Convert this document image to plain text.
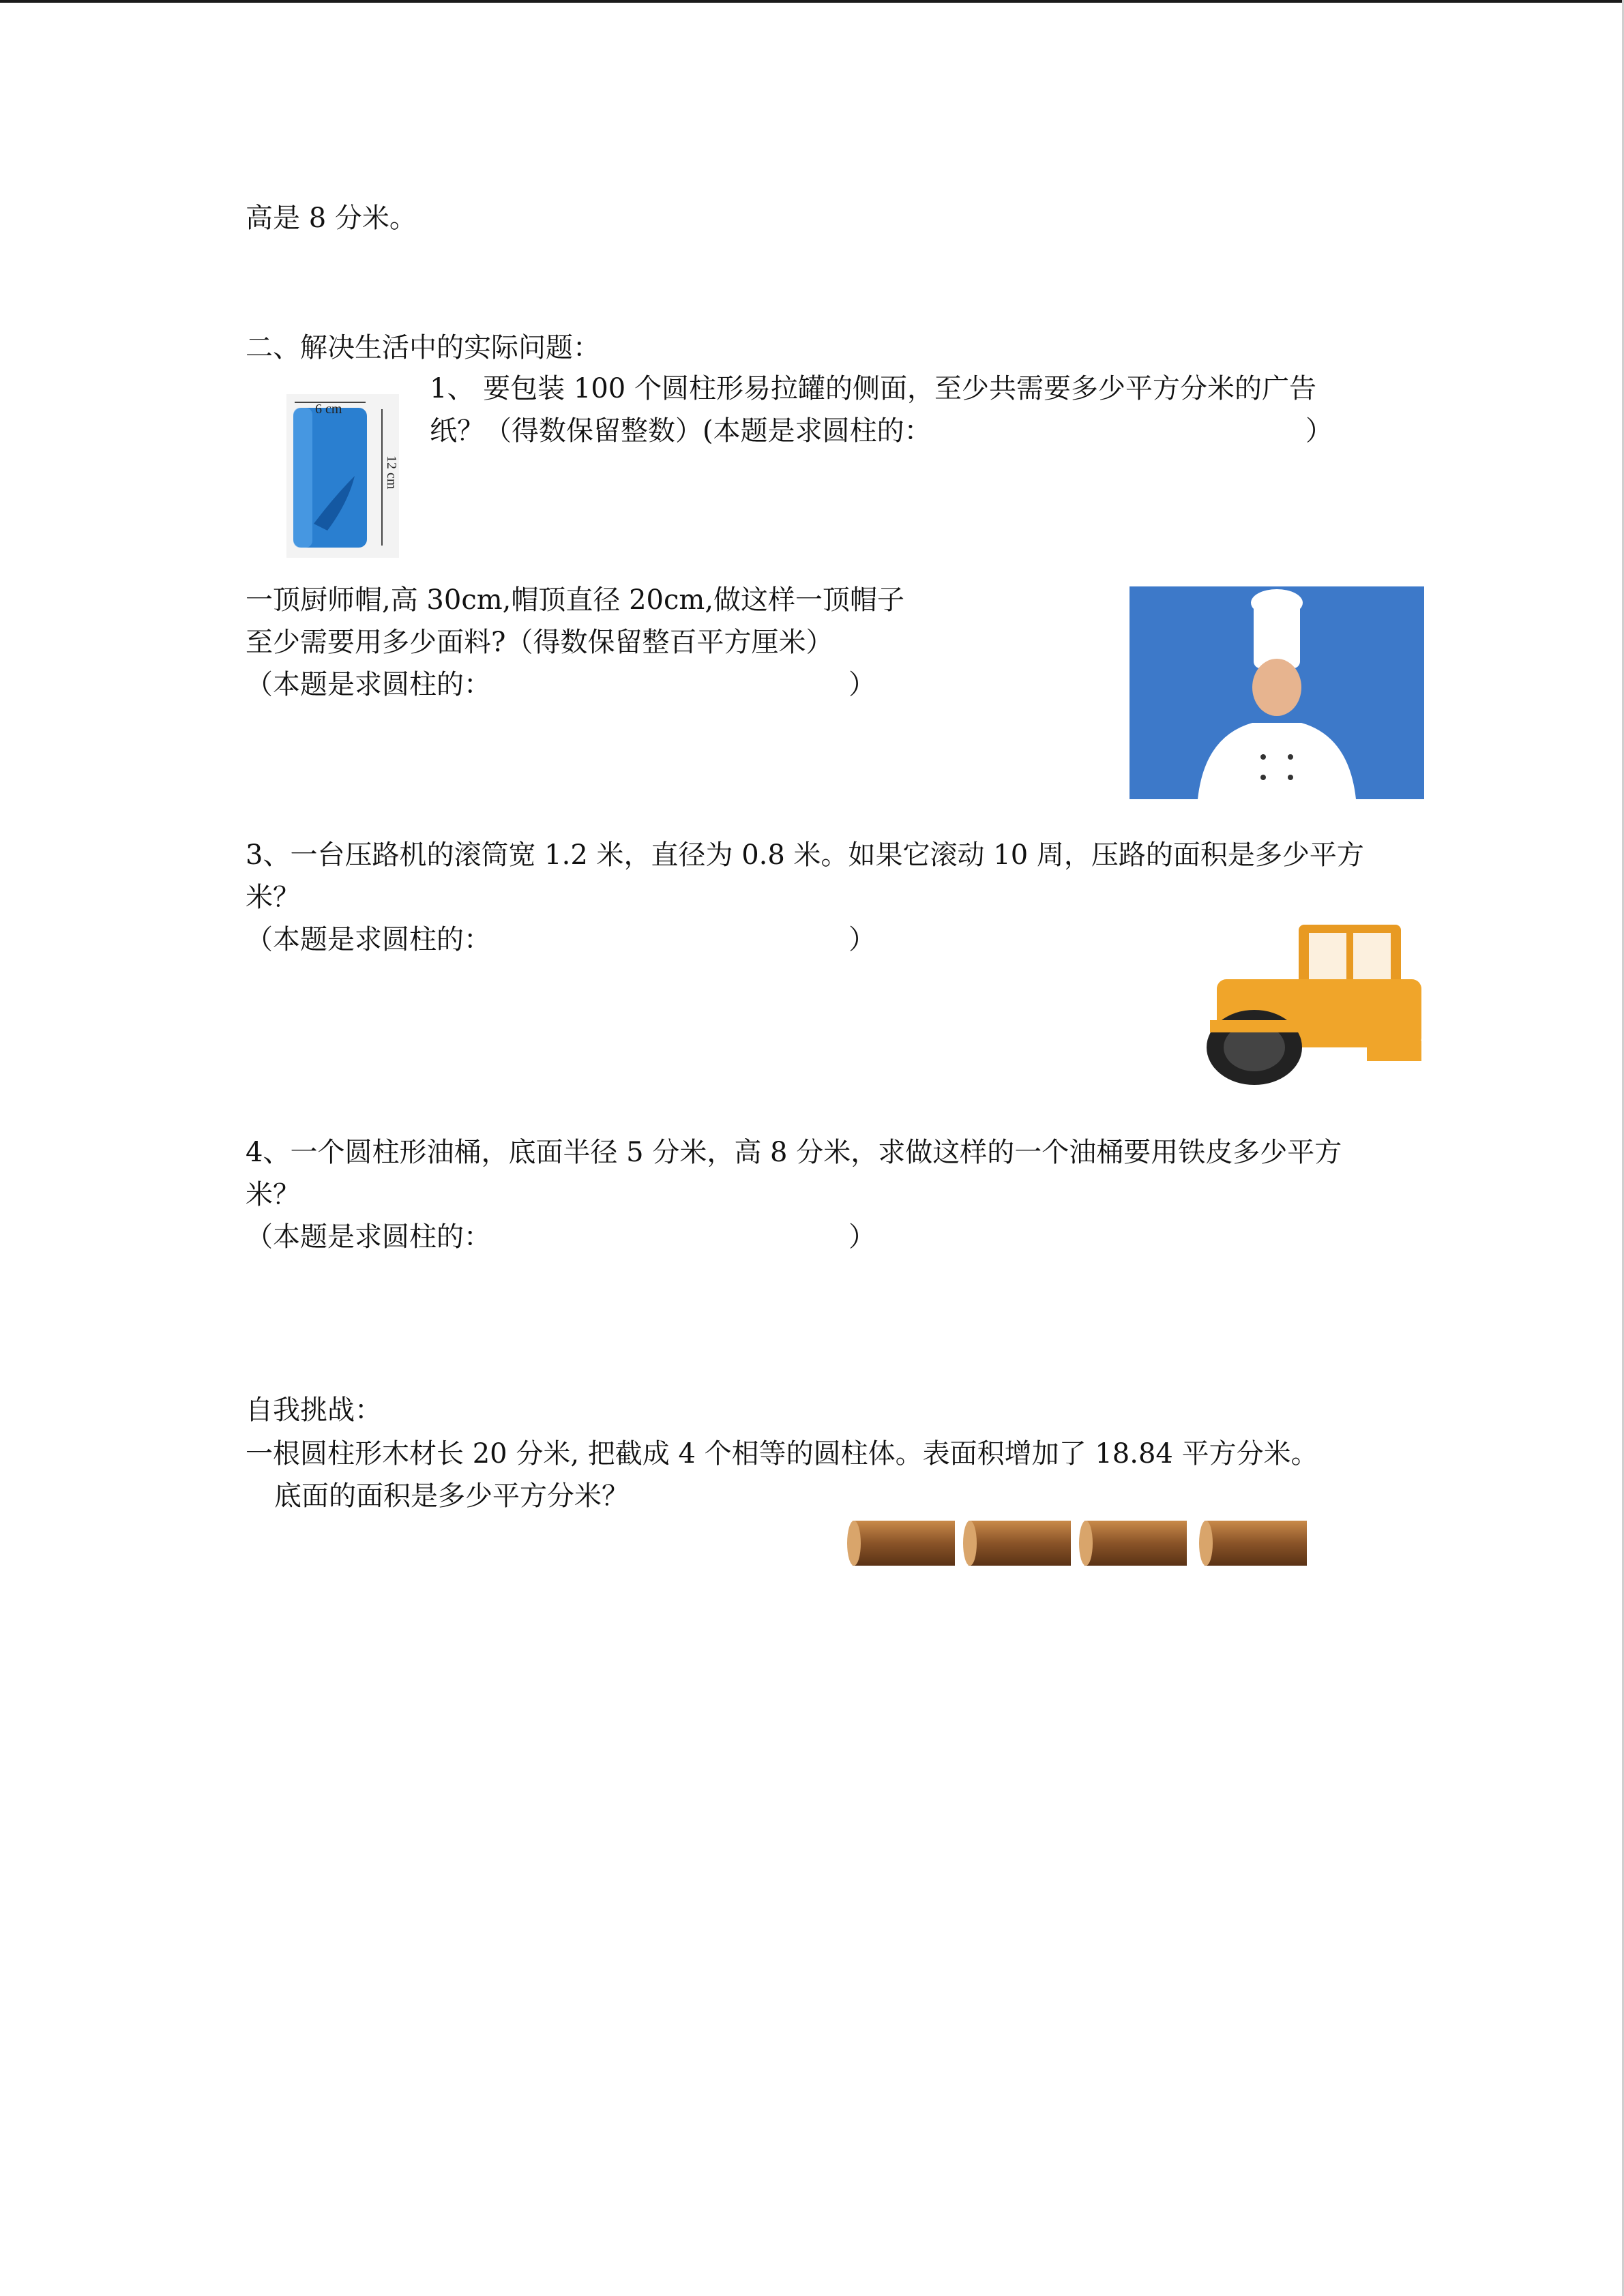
高是 8 分米。
二、解决生活中的实际问题：
1、 要包装 100 个圆柱形易拉罐的侧面，至少共需要多少平方分米的广告
纸？（得数保留整数）(本题是求圆柱的：	）
一顶厨师帽,高 30cm,帽顶直径 20cm,做这样一顶帽子
至少需要用多少面料?（得数保留整百平方厘米）
（本题是求圆柱的：	）
3、一台压路机的滚筒宽 1.2 米，直径为 0.8 米。如果它滚动 10 周，压路的面积是多少平方
米？
（本题是求圆柱的：	）
4、一个圆柱形油桶，底面半径 5 分米，高 8 分米，求做这样的一个油桶要用铁皮多少平方
米？
（本题是求圆柱的：	）
自我挑战：
一根圆柱形木材长 20 分米, 把截成 4 个相等的圆柱体。表面积增加了 18.84 平方分米。
底面的面积是多少平方分米？
6 cm
12 cm
